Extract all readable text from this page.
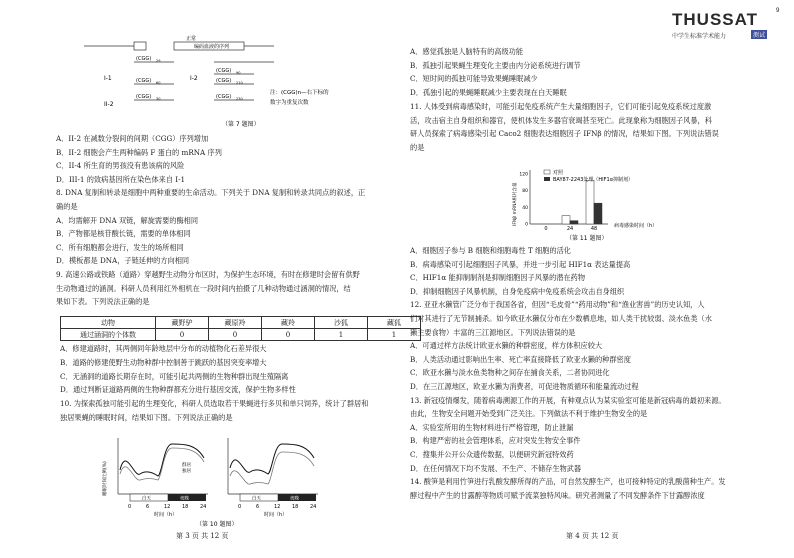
THUSSAT	9
中学生标准学术能力	测试
正常
编码血液的序列
I-1
II-2
I-2
(CGG) 29
(CGG) 60
(CGG) 30
(CGG) 90
(CGG) 210
(CGG) 230
注：(CGG)n—右下标的
数字为重复次数
（第 7 题图）
A．II-2 在减数分裂间的间期（CGG）序列增加
B．II-2 细胞会产生两种编码 F 蛋白的 mRNA 序列
C．II-4 所生育的男孩没有患该病的风险
D．III-1 的致病基因所在染色体来自 I-1
8. DNA 复制和转录是细胞中两种重要的生命活动。下列关于 DNA 复制和转录共同点的叙述，正
确的是
A．均需解开 DNA 双链，解旋需要的酶相同
B．产物都是核苷酸长链，需要的单体相同
C．所有细胞都会进行，发生的场所相同
D．模板都是 DNA，子链延伸的方向相同
9. 高速公路或铁路（道路）穿越野生动物分布区时，为保护生态环境，有时在修建时会留有供野
生动物通过的涵洞。科研人员利用红外相机在一段时间内拍摄了几种动物通过涵洞的情况，结
果如下表。下列说法正确的是
动物	藏野驴	藏原羚	藏羚	沙狐	藏狐
通过涵洞的个体数	0	0	0	1	1
A．修建道路时，其两侧同年龄地层中分布的动植物化石差异很大
B．道路的修建使野生动物种群中控制善于跳跃的基因突变率增大
C．无涵洞的道路长期存在时，可能引起共两侧的生物种群出现生殖隔离
D．通过判断证道路两侧的生物种群都充分进行基因交流，保护生物多样性
10. 为探索孤独可能引起的生理变化，科研人员选取若干果蝇进行多贝和单只饲养，统计了群居和
独居果蝇的睡眠时间，结果如下图。下列说法正确的是
睡眠时间比例(%)	群居
独居
白天	夜晚
0	6	12 18 24
时间（h）
白天	夜晚
0	6	12 18 24
时间（h）
（第 10 题图）
A．感觉孤独是人脑特有的高级功能
B．孤独引起果蝇生理变化主要由内分泌系统进行调节
C．短时间的孤独可能导致果蝇睡眠减少
D．孤独引起的果蝇睡眠减少主要表现在白天睡眠
11. 人体受到病毒感染时，可能引起免疫系统产生大量细胞因子，它们可能引起免疫系统过度激
活，攻击宿主自身组织和器官，使机体发生多器官衰竭甚至死亡。此现象称为细胞因子风暴，科
研人员探索了病毒感染引起 Caco2 细胞表达细胞因子 IFNβ 的情况，结果如下图。下列说法错误
的是
IFNβ mRNA相对含量 0
40
80
120
0	24	48
对照
BAY87-2243处理（HIF1α抑制剂）
病毒感染时间（h）
（第 11 题图）
A．细胞因子参与 B 细胞和细胞毒性 T 细胞的活化
B．病毒感染可引起细胞因子风暴，并进一步引起 HIF1α 表达量提高
C．HIF1α 能抑制制剂是抑制细胞因子风暴的潜在药物
D．抑制细胞因子风暴机制，自身免疫病中免疫系统会攻击自身组织
12. 亚亚水獭管广泛分布于我国各省，但因“毛皮骨”“药用动物”和“渔业害兽”的历史认知，人
们对其进行了无节制捕杀。如今欧亚水獭仅分布在少数栖息地，如人类干扰较弱、淡水鱼类（水
獭主要食物）丰富的三江源地区。下列说法错误的是
A．可通过样方法统计欧亚水獭的种群密度，样方体积应较大
B．人类活动通过影响出生率、死亡率直接降低了欧亚水獭的种群密度
C．欧亚水獭与淡水鱼类物种之间存在捕食关系，二者协同进化
D．在三江源地区，欧亚水獭为消费者，可促进物质循环和能量流动过程
13. 新冠疫情爆发，随着病毒溯源工作的开展，有种观点认为某实验室可能是新冠病毒的最初来源。
由此，生物安全问题开始受到广泛关注。下列做法不利于维护生物安全的是
A．实验室所用的生物材料进行严格管理，防止泄漏
B．构建严密的社会管理体系，应对突发生物安全事件
C．搜集并公开公众遗传数据，以便研究新冠特效药
D．在任何情况下均不发展、不生产、不储存生物武器
14. 酸笋是利用竹笋进行乳酸发酵所得的产品，可自然发酵生产，也可接种特定的乳酸菌种生产。发
酵过程中产生的甘露醇等物质可赋予流菜独特风味。研究者测量了不同发酵条件下甘露醇浓度
第 3 页 共 12 页	第 4 页 共 12 页
